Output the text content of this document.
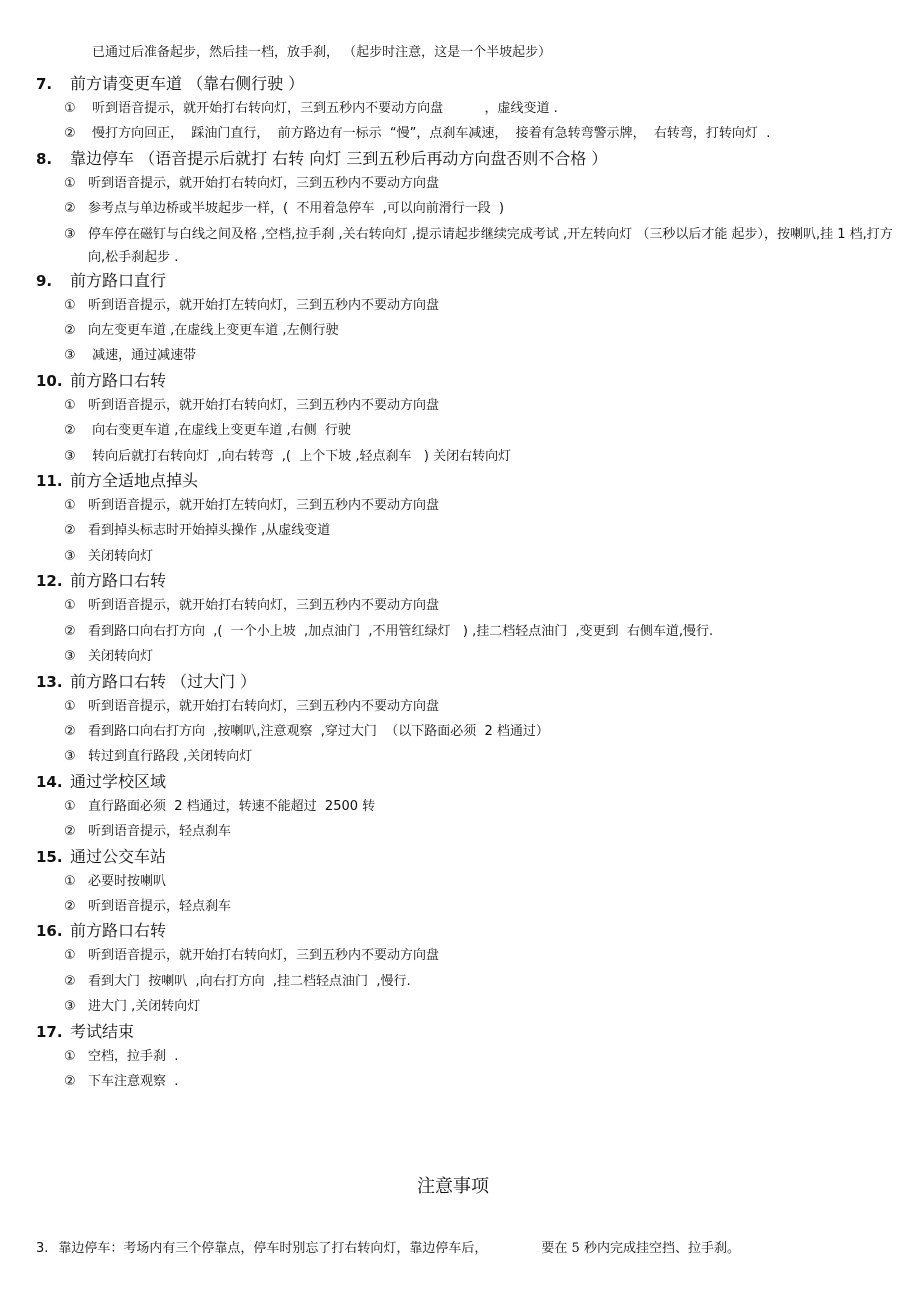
已通过后准备起步，然后挂一档，放手刹， （起步时注意，这是一个半坡起步）
7.	前方请变更车道 （靠右侧行驶 ）
① 听到语音提示，就开始打右转向灯，三到五秒内不要动方向盘          ，虚线变道 .
② 慢打方向回正，  踩油门直行，  前方路边有一标示  “慢”，点刹车减速，  接着有急转弯警示牌，  右转弯，打转向灯  .
8.	靠边停车 （语音提示后就打 右转 向灯 三到五秒后再动方向盘否则不合格 ）
① 听到语音提示，就开始打右转向灯，三到五秒内不要动方向盘
② 参考点与单边桥或半坡起步一样，(  不用着急停车  ,可以向前滑行一段  )
③ 停车停在磁钉与白线之间及格 ,空档,拉手刹 ,关右转向灯 ,提示请起步继续完成考试 ,开左转向灯 （三秒以后才能 起步），按喇叭,挂 1 档,打方向,松手刹起步 .
9.	前方路口直行
① 听到语音提示，就开始打左转向灯，三到五秒内不要动方向盘
② 向左变更车道 ,在虚线上变更车道 ,左侧行驶
③ 减速，通过减速带
10. 前方路口右转
① 听到语音提示，就开始打右转向灯，三到五秒内不要动方向盘
② 向右变更车道 ,在虚线上变更车道 ,右侧  行驶
③ 转向后就打右转向灯  ,向右转弯  ,(  上个下坡 ,轻点刹车   ) 关闭右转向灯
11. 前方全适地点掉头
① 听到语音提示，就开始打左转向灯，三到五秒内不要动方向盘
② 看到掉头标志时开始掉头操作 ,从虚线变道
③ 关闭转向灯
12. 前方路口右转
① 听到语音提示，就开始打右转向灯，三到五秒内不要动方向盘
② 看到路口向右打方向  ,(  一个小上坡  ,加点油门  ,不用管红绿灯   ) ,挂二档轻点油门  ,变更到  右侧车道,慢行.
③ 关闭转向灯
13. 前方路口右转 （过大门 ）
① 听到语音提示，就开始打右转向灯，三到五秒内不要动方向盘
② 看到路口向右打方向  ,按喇叭,注意观察  ,穿过大门  （以下路面必须  2 档通过）
③ 转过到直行路段 ,关闭转向灯
14. 通过学校区域
① 直行路面必须  2 档通过，转速不能超过  2500 转
② 听到语音提示，轻点刹车
15. 通过公交车站
① 必要时按喇叭
② 听到语音提示，轻点刹车
16. 前方路口右转
① 听到语音提示，就开始打右转向灯，三到五秒内不要动方向盘
② 看到大门  按喇叭  ,向右打方向  ,挂二档轻点油门  ,慢行.
③ 进大门 ,关闭转向灯
17. 考试结束
① 空档，拉手刹  .
② 下车注意观察  .
注意事项
3. 靠边停车：考场内有三个停靠点，停车时别忘了打右转向灯，靠边停车后，	要在 5 秒内完成挂空挡、拉手刹。
